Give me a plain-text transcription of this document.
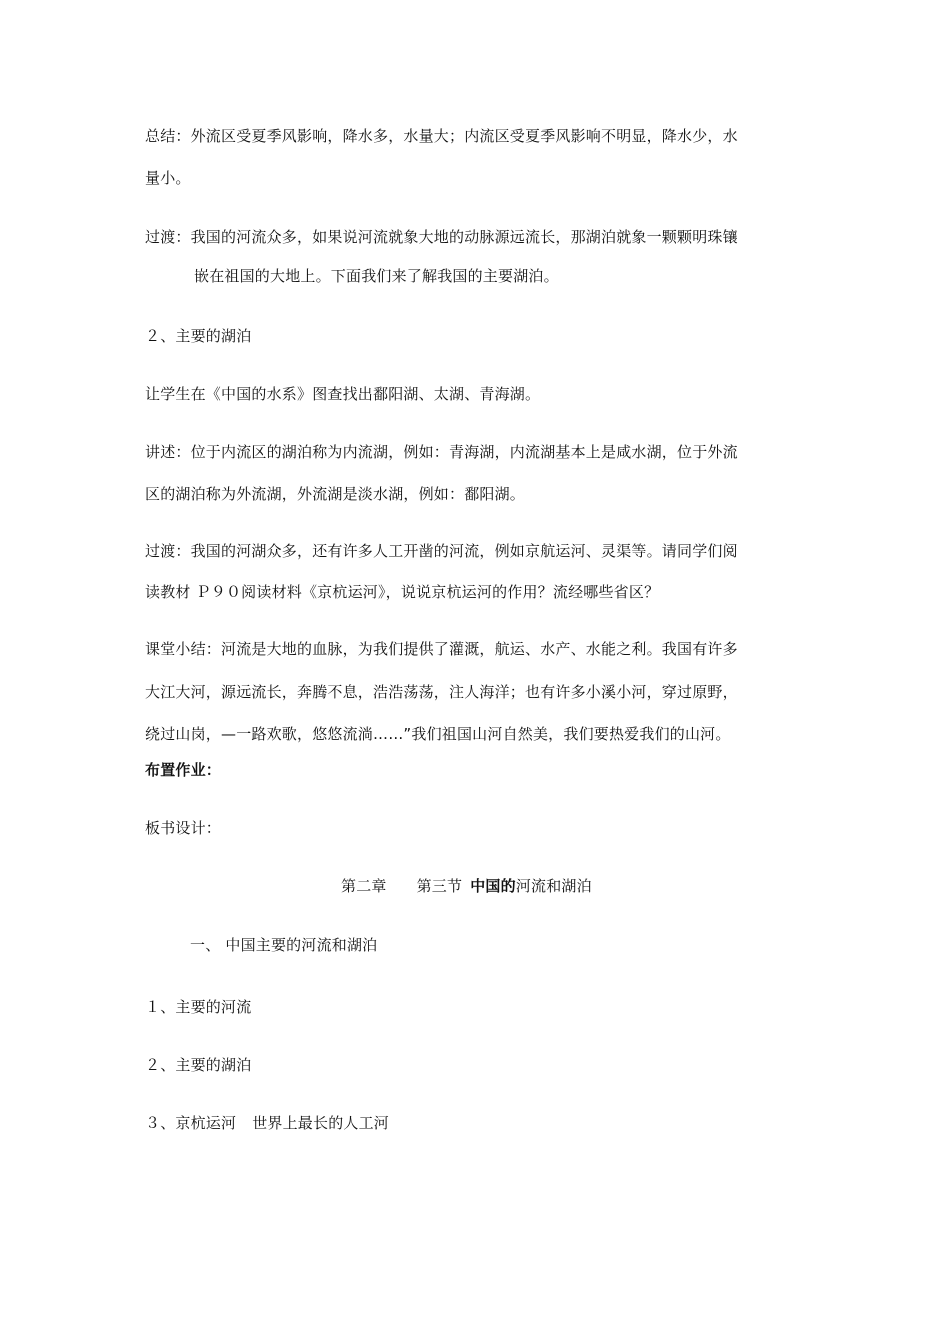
总结：外流区受夏季风影响，降水多，水量大；内流区受夏季风影响不明显，降水少，水
量小。
过渡：我国的河流众多，如果说河流就象大地的动脉源远流长，那湖泊就象一颗颗明珠镶
嵌在祖国的大地上。下面我们来了解我国的主要湖泊。
２、主要的湖泊
让学生在《中国的水系》图查找出鄱阳湖、太湖、青海湖。
讲述：位于内流区的湖泊称为内流湖，例如：青海湖，内流湖基本上是咸水湖，位于外流
区的湖泊称为外流湖，外流湖是淡水湖，例如：鄱阳湖。
过渡：我国的河湖众多，还有许多人工开凿的河流，例如京航运河、灵渠等。请同学们阅
读教材 Ｐ９０阅读材料《京杭运河》，说说京杭运河的作用？流经哪些省区？
课堂小结：河流是大地的血脉，为我们提供了灌溉，航运、水产、水能之利。我国有许多
大江大河，源远流长，奔腾不息，浩浩荡荡，注人海洋；也有许多小溪小河，穿过原野，
绕过山岗，—一路欢歌，悠悠流淌……”我们祖国山河自然美，我们要热爱我们的山河。
布置作业：
板书设计：
第二章 第三节 中国的河流和湖泊
一、 中国主要的河流和湖泊
１、主要的河流
２、主要的湖泊
３、京杭运河 世界上最长的人工河
